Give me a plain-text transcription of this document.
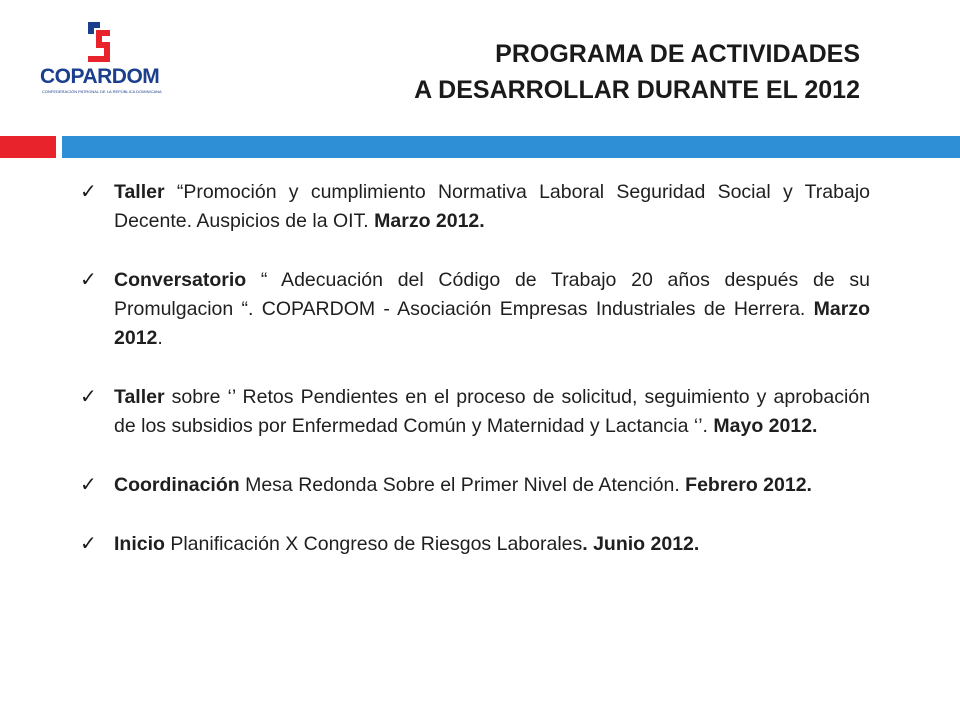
COPARDOM
CONFEDERACIÓN PATRONAL DE LA REPÚBLICA DOMINICANA
PROGRAMA DE ACTIVIDADES
A DESARROLLAR DURANTE EL 2012
✓ Taller “Promoción y cumplimiento Normativa Laboral Seguridad Social y Trabajo Decente. Auspicios de la OIT. Marzo 2012.
✓ Conversatorio “ Adecuación del Código de Trabajo 20 años después de su Promulgacion “. COPARDOM - Asociación Empresas Industriales de Herrera. Marzo 2012.
✓ Taller sobre ‘’ Retos Pendientes en el proceso de solicitud, seguimiento y aprobación de los subsidios por Enfermedad Común y Maternidad y Lactancia ‘’. Mayo 2012.
✓ Coordinación Mesa Redonda Sobre el Primer Nivel de Atención. Febrero 2012.
✓ Inicio Planificación X Congreso de Riesgos Laborales. Junio 2012.
